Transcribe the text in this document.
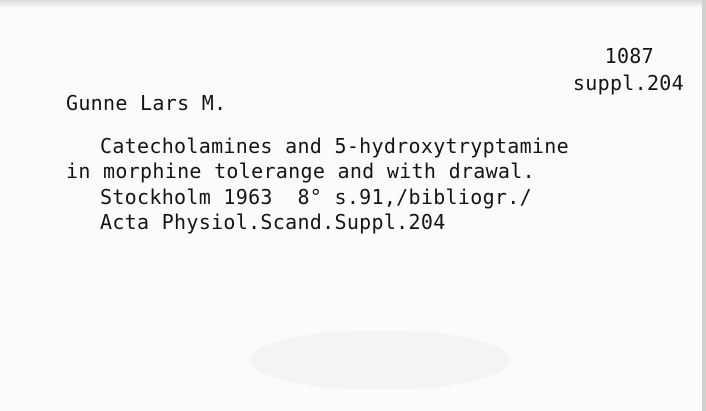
1087
suppl.204
Gunne Lars M.
Catecholamines and 5-hydroxytryptamine
in morphine tolerange and with drawal.
Stockholm 1963  8° s.91,/bibliogr./
Acta Physiol.Scand.Suppl.204
